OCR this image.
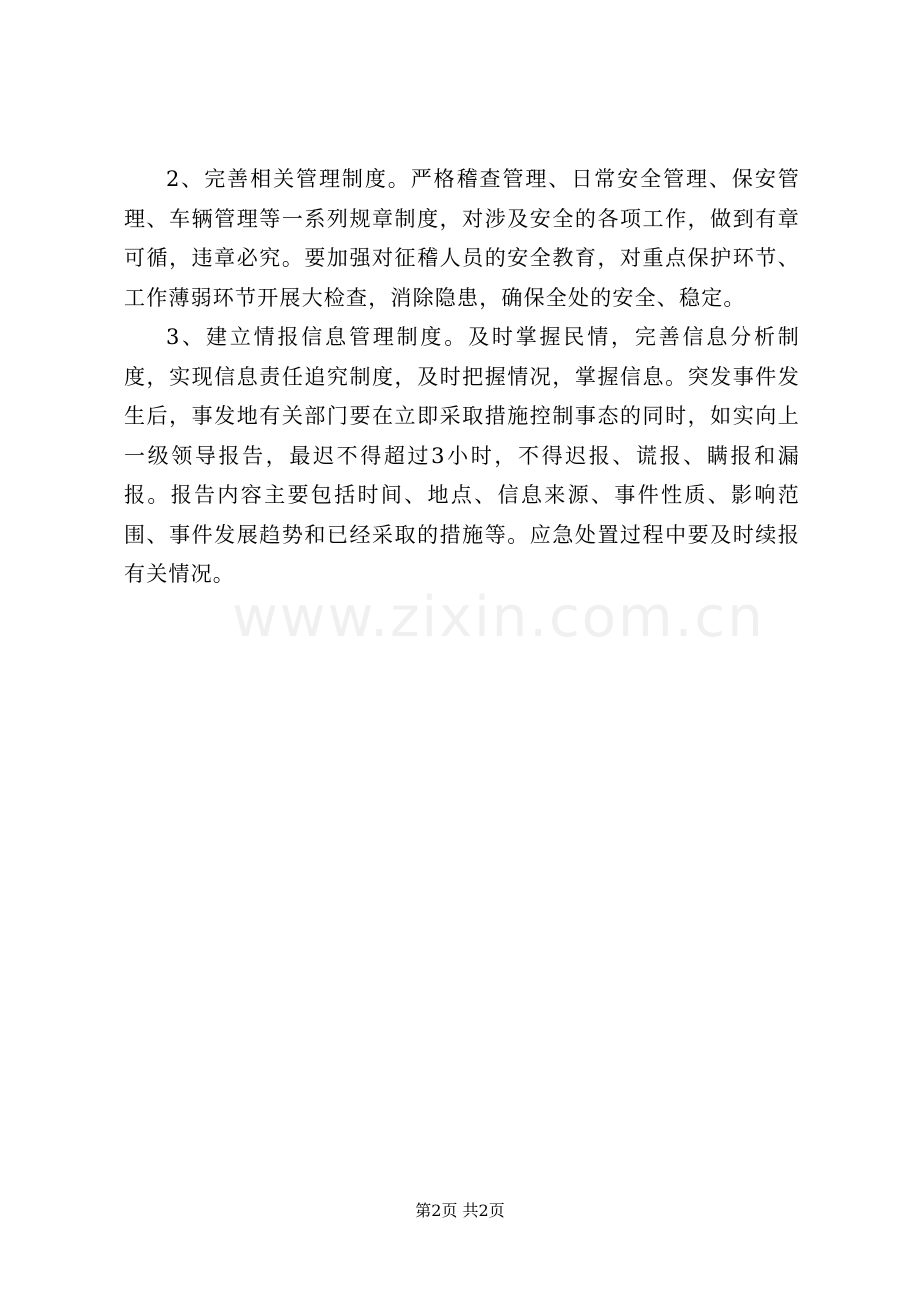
2、完善相关管理制度。严格稽查管理、日常安全管理、保安管理、车辆管理等一系列规章制度，对涉及安全的各项工作，做到有章可循，违章必究。要加强对征稽人员的安全教育，对重点保护环节、工作薄弱环节开展大检查，消除隐患，确保全处的安全、稳定。

3、建立情报信息管理制度。及时掌握民情，完善信息分析制度，实现信息责任追究制度，及时把握情况，掌握信息。突发事件发生后，事发地有关部门要在立即采取措施控制事态的同时，如实向上一级领导报告，最迟不得超过3小时，不得迟报、谎报、瞒报和漏报。报告内容主要包括时间、地点、信息来源、事件性质、影响范围、事件发展趋势和已经采取的措施等。应急处置过程中要及时续报有关情况。

www.zixin.com.cn
第2页 共2页
